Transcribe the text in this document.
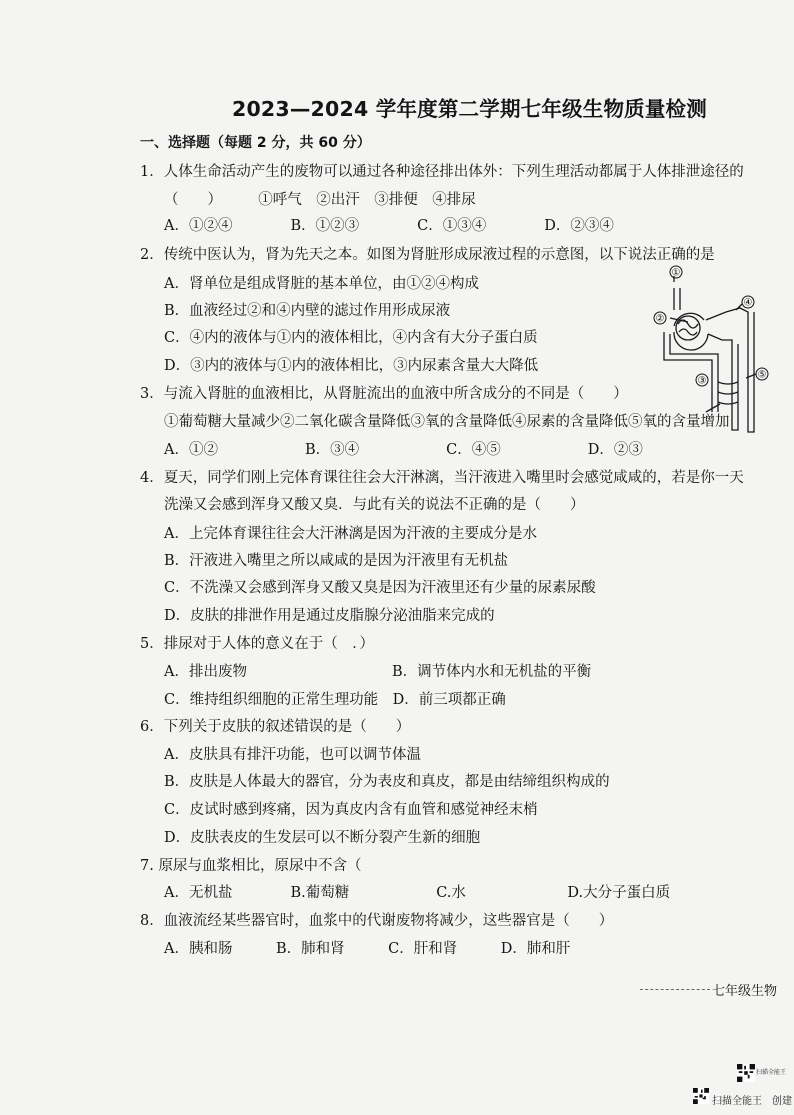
2023—2024 学年度第二学期七年级生物质量检测
一、选择题（每题 2 分，共 60 分）
1．人体生命活动产生的废物可以通过各种途径排出体外：下列生理活动都属于人体排泄途径的
（　　）　　　①呼气　②出汗　③排便　④排尿
A．①②④　　　　B．①②③　　　　C．①③④　　　　D．②③④
2．传统中医认为，肾为先天之本。如图为肾脏形成尿液过程的示意图，以下说法正确的是
A．肾单位是组成肾脏的基本单位，由①②④构成
B．血液经过②和④内壁的滤过作用形成尿液
C．④内的液体与①内的液体相比，④内含有大分子蛋白质
D．③内的液体与①内的液体相比，③内尿素含量大大降低
3．与流入肾脏的血液相比，从肾脏流出的血液中所含成分的不同是（　　）
①葡萄糖大量减少②二氧化碳含量降低③氧的含量降低④尿素的含量降低⑤氧的含量增加
A．①②　　　　　　B．③④　　　　　　C．④⑤　　　　　　D．②③
4．夏天，同学们刚上完体育课往往会大汗淋漓，当汗液进入嘴里时会感觉咸咸的，若是你一天
洗澡又会感到浑身又酸又臭．与此有关的说法不正确的是（　　）
A．上完体育课往往会大汗淋漓是因为汗液的主要成分是水
B．汗液进入嘴里之所以咸咸的是因为汗液里有无机盐
C．不洗澡又会感到浑身又酸又臭是因为汗液里还有少量的尿素尿酸
D．皮肤的排泄作用是通过皮脂腺分泌油脂来完成的
5．排尿对于人体的意义在于（　．）
A．排出废物　　　　　　　　　　B．调节体内水和无机盐的平衡
C．维持组织细胞的正常生理功能　D．前三项都正确
6．下列关于皮肤的叙述错误的是（　　）
A．皮肤具有排汗功能，也可以调节体温
B．皮肤是人体最大的器官，分为表皮和真皮，都是由结缔组织构成的
C．皮试时感到疼痛，因为真皮内含有血管和感觉神经末梢
D．皮肤表皮的生发层可以不断分裂产生新的细胞
7. 原尿与血浆相比，原尿中不含（
A．无机盐　　　　B.葡萄糖　　　　　　C.水　　　　　　　D.大分子蛋白质
8．血液流经某些器官时，血浆中的代谢废物将减少，这些器官是（　　）
A．胰和肠　　　B．肺和肾　　　C．肝和肾　　　D．肺和肝
①
②
③
④
⑤
七年级生物
扫描全能王
扫描全能王　创建
